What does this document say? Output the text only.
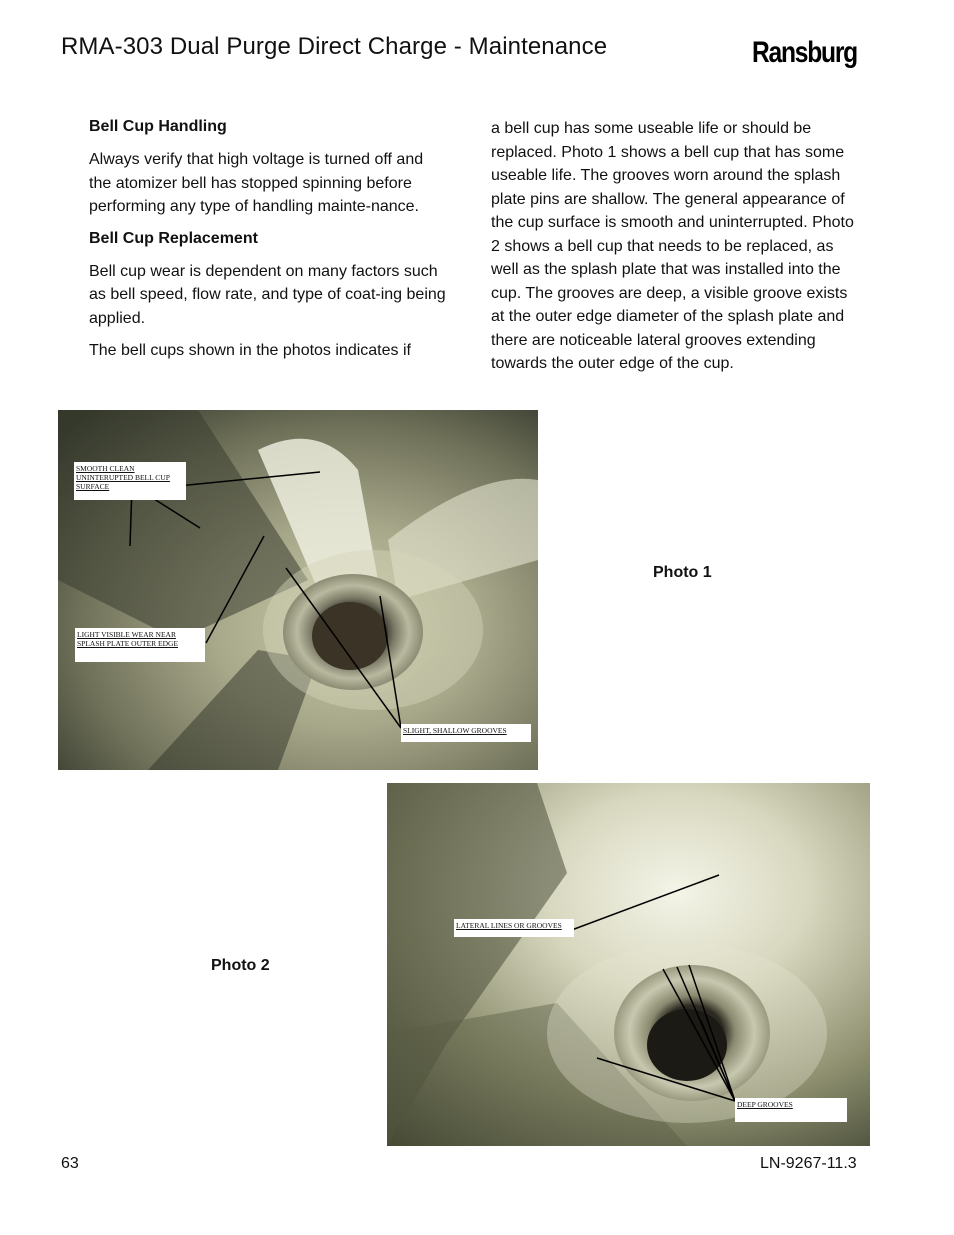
RMA-303 Dual Purge Direct Charge - Maintenance	Ransburg
Bell Cup Handling
Always verify that high voltage is turned off and the atomizer bell has stopped spinning before performing any type of handling mainte-nance.
Bell Cup Replacement
Bell cup wear is dependent on many factors such as bell speed, flow rate, and type of coat-ing being applied.
The bell cups shown in the photos indicates if
a bell cup has some useable life or should be replaced. Photo 1 shows a bell cup that has some useable life. The grooves worn around the splash plate pins are shallow. The general appearance of the cup surface is smooth and uninterrupted. Photo 2 shows a bell cup that needs to be replaced, as well as the splash plate that was installed into the cup. The grooves are deep, a visible groove exists at the outer edge diameter of the splash plate and there are noticeable lateral grooves extending towards the outer edge of the cup.
SMOOTH CLEAN UNINTERUPTED BELL CUP SURFACE
LIGHT VISIBLE WEAR NEAR SPLASH PLATE OUTER EDGE
SLIGHT, SHALLOW GROOVES
Photo 1
LATERAL LINES OR GROOVES
DEEP GROOVES
Photo 2
63	LN-9267-11.3
